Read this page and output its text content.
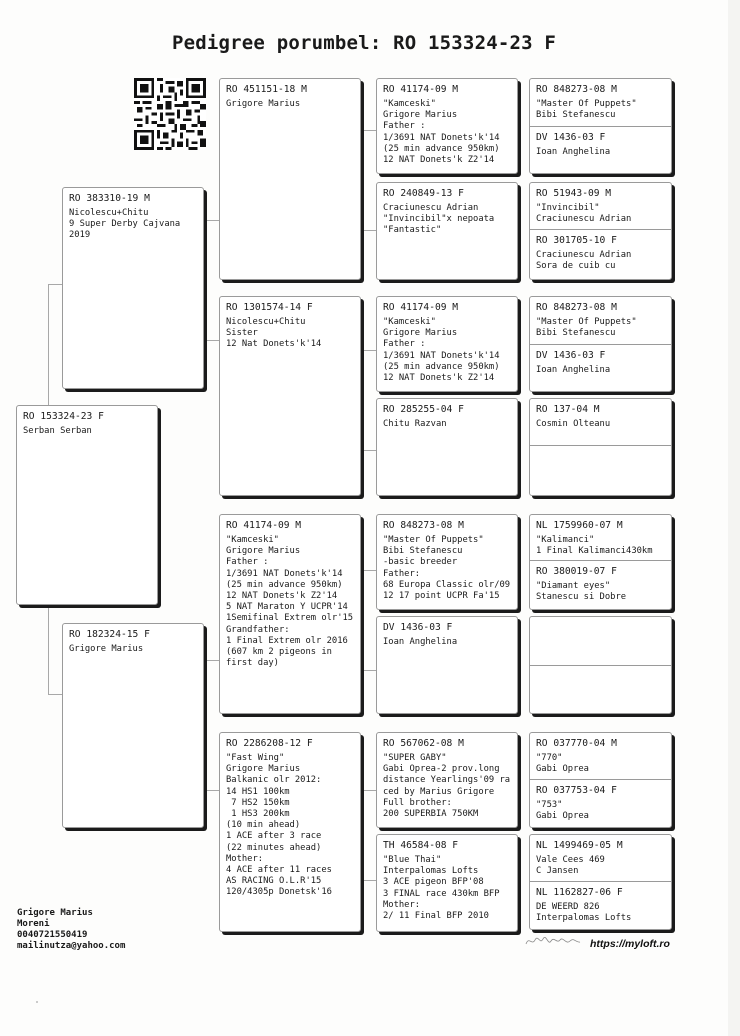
Pedigree porumbel: RO 153324-23 F
RO 153324-23 F
Serban Serban
RO 383310-19 M
Nicolescu+Chitu
9 Super Derby Cajvana
2019
RO 182324-15 F
Grigore Marius
RO 451151-18 M
Grigore Marius
RO 1301574-14 F
Nicolescu+Chitu
Sister
12 Nat Donets'k'14
RO 41174-09 M
"Kamceski"
Grigore Marius
Father :
1/3691 NAT Donets'k'14
(25 min advance 950km)
12 NAT Donets'k Z2'14
5 NAT Maraton Y UCPR'14
1Semifinal Extrem olr'15
Grandfather:
1 Final Extrem olr 2016
(607 km 2 pigeons in
first day)
RO 2286208-12 F
"Fast Wing"
Grigore Marius
Balkanic olr 2012:
14 HS1 100km
7 HS2 150km
1 HS3 200km
(10 min ahead)
1 ACE after 3 race
(22 minutes ahead)
Mother:
4 ACE after 11 races
AS RACING O.L.R'15
120/4305p Donetsk'16
RO 41174-09 M
"Kamceski"
Grigore Marius
Father :
1/3691 NAT Donets'k'14
(25 min advance 950km)
12 NAT Donets'k Z2'14
RO 240849-13 F
Craciunescu Adrian
"Invincibil"x nepoata
"Fantastic"
RO 41174-09 M
"Kamceski"
Grigore Marius
Father :
1/3691 NAT Donets'k'14
(25 min advance 950km)
12 NAT Donets'k Z2'14
RO 285255-04 F
Chitu Razvan
RO 848273-08 M
"Master Of Puppets"
Bibi Stefanescu
-basic breeder
Father:
68 Europa Classic olr/09
12 17 point UCPR Fa'15
DV 1436-03 F
Ioan Anghelina
RO 567062-08 M
"SUPER GABY"
Gabi Oprea-2 prov.long
distance Yearlings'09 ra
ced by Marius Grigore
Full brother:
200 SUPERBIA 750KM
TH 46584-08 F
"Blue Thai"
Interpalomas Lofts
3 ACE pigeon BFP'08
3 FINAL race 430km BFP
Mother:
2/ 11 Final BFP 2010
RO 848273-08 M
"Master Of Puppets"
Bibi Stefanescu
DV 1436-03 F
Ioan Anghelina
RO 51943-09 M
"Invincibil"
Craciunescu Adrian
RO 301705-10 F
Craciunescu Adrian
Sora de cuib cu
RO 848273-08 M
"Master Of Puppets"
Bibi Stefanescu
DV 1436-03 F
Ioan Anghelina
RO 137-04 M
Cosmin Olteanu
NL 1759960-07 M
"Kalimanci"
1 Final Kalimanci430km
RO 380019-07 F
"Diamant eyes"
Stanescu si Dobre
RO 037770-04 M
"770"
Gabi Oprea
RO 037753-04 F
"753"
Gabi Oprea
NL 1499469-05 M
Vale Cees 469
C Jansen
NL 1162827-06 F
DE WEERD 826
Interpalomas Lofts
Grigore Marius
Moreni
0040721550419
mailinutza@yahoo.com	https://myloft.ro
